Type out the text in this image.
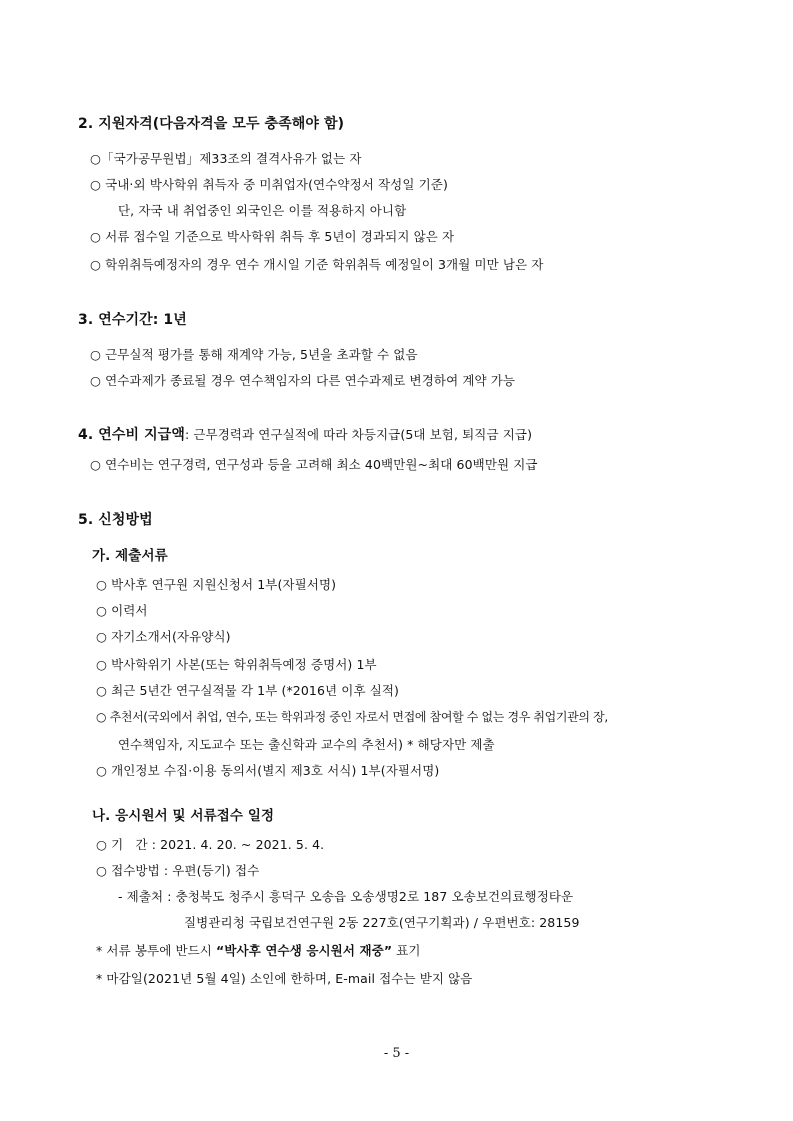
2. 지원자격(다음자격을 모두 충족해야 함)
○「국가공무원법」제33조의 결격사유가 없는 자
○ 국내‧외 박사학위 취득자 중 미취업자(연수약정서 작성일 기준)
단, 자국 내 취업중인 외국인은 이를 적용하지 아니함
○ 서류 접수일 기준으로 박사학위 취득 후 5년이 경과되지 않은 자
○ 학위취득예정자의 경우 연수 개시일 기준 학위취득 예정일이 3개월 미만 남은 자
3. 연수기간: 1년
○ 근무실적 평가를 통해 재계약 가능, 5년을 초과할 수 없음
○ 연수과제가 종료될 경우 연수책임자의 다른 연수과제로 변경하여 계약 가능
4. 연수비 지급액: 근무경력과 연구실적에 따라 차등지급(5대 보험, 퇴직금 지급)
○ 연수비는 연구경력, 연구성과 등을 고려해 최소 40백만원~최대 60백만원 지급
5. 신청방법
가. 제출서류
○ 박사후 연구원 지원신청서 1부(자필서명)
○ 이력서
○ 자기소개서(자유양식)
○ 박사학위기 사본(또는 학위취득예정 증명서) 1부
○ 최근 5년간 연구실적물 각 1부 (*2016년 이후 실적)
○ 추천서(국외에서 취업, 연수, 또는 학위과정 중인 자로서 면접에 참여할 수 없는 경우 취업기관의 장,
연수책임자, 지도교수 또는 출신학과 교수의 추천서) * 해당자만 제출
○ 개인정보 수집·이용 동의서(별지 제3호 서식) 1부(자필서명)
나. 응시원서 및 서류접수 일정
○ 기   간 : 2021. 4. 20. ~ 2021. 5. 4.
○ 접수방법 : 우편(등기) 접수
- 제출처 : 충청북도 청주시 흥덕구 오송읍 오송생명2로 187 오송보건의료행정타운
질병관리청 국립보건연구원 2동 227호(연구기획과) / 우편번호: 28159
* 서류 봉투에 반드시 “박사후 연수생 응시원서 재중” 표기
* 마감일(2021년 5월 4일) 소인에 한하며, E-mail 접수는 받지 않음
- 5 -
